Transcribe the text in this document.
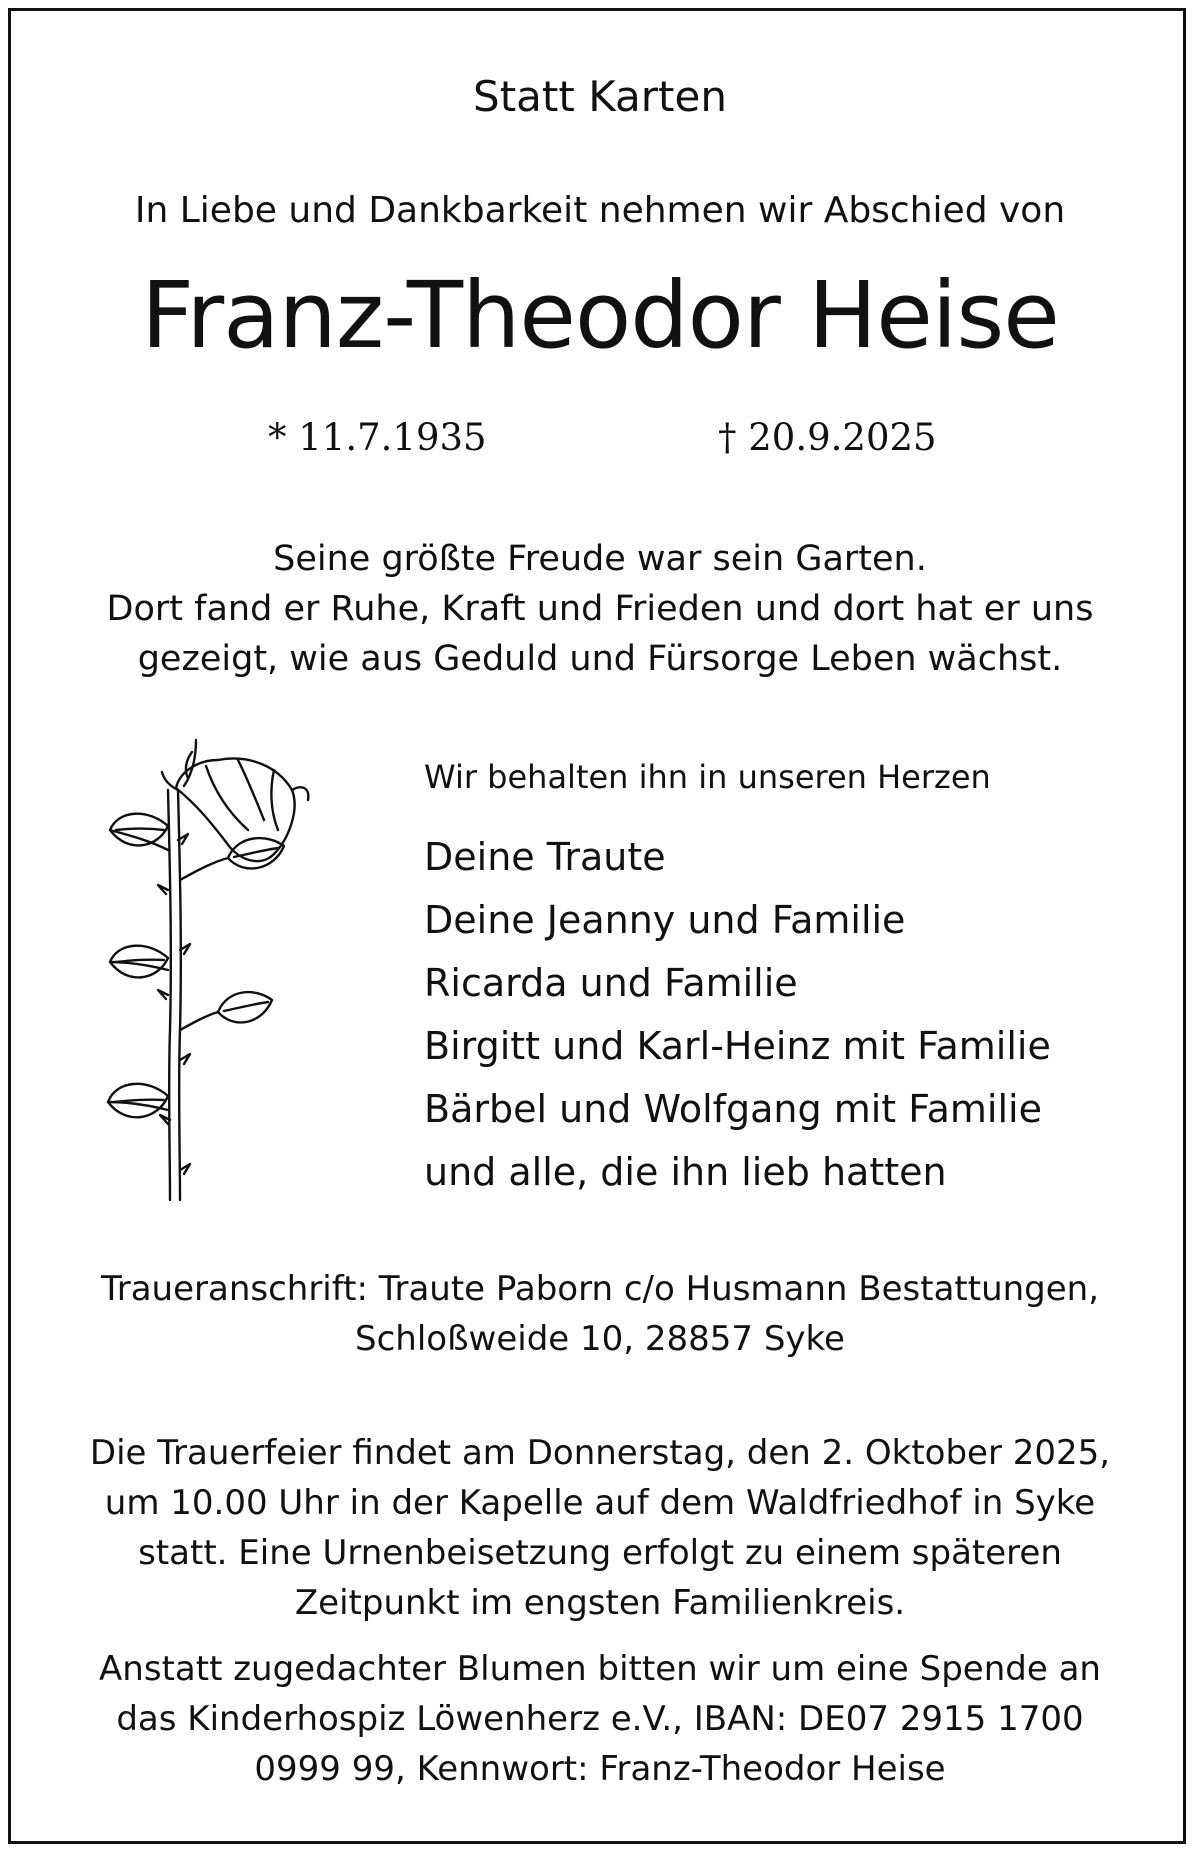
Statt Karten
In Liebe und Dankbarkeit nehmen wir Abschied von
Franz-Theodor Heise
* 11.7.1935	† 20.9.2025
Seine größte Freude war sein Garten.
Dort fand er Ruhe, Kraft und Frieden und dort hat er uns
gezeigt, wie aus Geduld und Fürsorge Leben wächst.
Wir behalten ihn in unseren Herzen
Deine Traute
Deine Jeanny und Familie
Ricarda und Familie
Birgitt und Karl-Heinz mit Familie
Bärbel und Wolfgang mit Familie
und alle, die ihn lieb hatten
Traueranschrift: Traute Paborn c/o Husmann Bestattungen,
Schloßweide 10, 28857 Syke
Die Trauerfeier findet am Donnerstag, den 2. Oktober 2025,
um 10.00 Uhr in der Kapelle auf dem Waldfriedhof in Syke
statt. Eine Urnenbeisetzung erfolgt zu einem späteren
Zeitpunkt im engsten Familienkreis.
Anstatt zugedachter Blumen bitten wir um eine Spende an
das Kinderhospiz Löwenherz e.V., IBAN: DE07 2915 1700
0999 99, Kennwort: Franz-Theodor Heise
